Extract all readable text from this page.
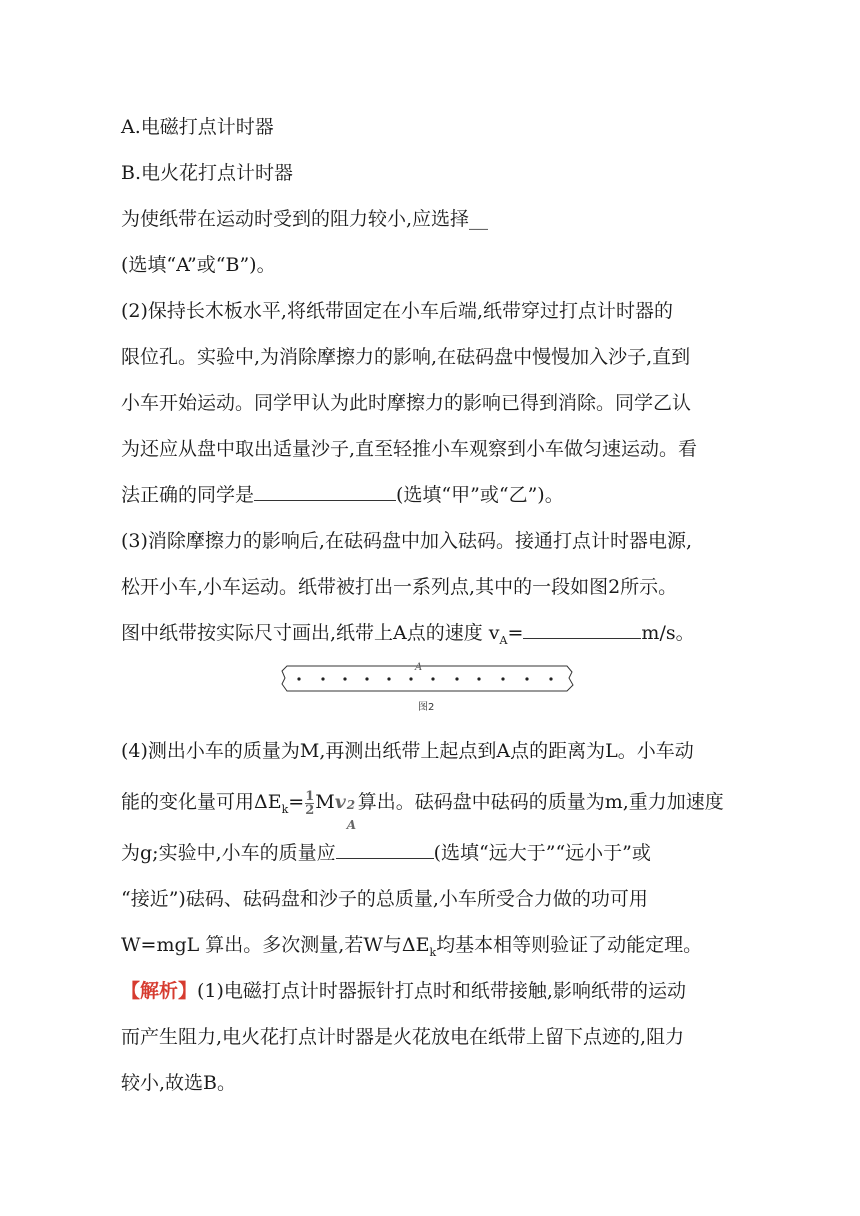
A.电磁打点计时器
B.电火花打点计时器
为使纸带在运动时受到的阻力较小,应选择__
(选填“A”或“B”)。
(2)保持长木板水平,将纸带固定在小车后端,纸带穿过打点计时器的
限位孔。实验中,为消除摩擦力的影响,在砝码盘中慢慢加入沙子,直到
小车开始运动。同学甲认为此时摩擦力的影响已得到消除。同学乙认
为还应从盘中取出适量沙子,直至轻推小车观察到小车做匀速运动。看
法正确的同学是	(选填“甲”或“乙”)。
(3)消除摩擦力的影响后,在砝码盘中加入砝码。接通打点计时器电源,
松开小车,小车运动。纸带被打出一系列点,其中的一段如图2所示。
图中纸带按实际尺寸画出,纸带上A点的速度 $v_A=$	m/s。
A
图2
(4)测出小车的质量为M,再测出纸带上起点到A点的距离为L。小车动
能的变化量可用$\Delta E_k= \frac{1}{2}$ Mv 2
A
算出。砝码盘中砝码的质量为m,重力加速度
为g;实验中,小车的质量应	(选填“远大于”“远小于”或
“接近”)砝码、砝码盘和沙子的总质量,小车所受合力做的功可用
W=mgL 算出。多次测量,若W与$\Delta E_k$均基本相等则验证了动能定理。
【解析】(1)电磁打点计时器振针打点时和纸带接触,影响纸带的运动
而产生阻力,电火花打点计时器是火花放电在纸带上留下点迹的,阻力
较小,故选B。
